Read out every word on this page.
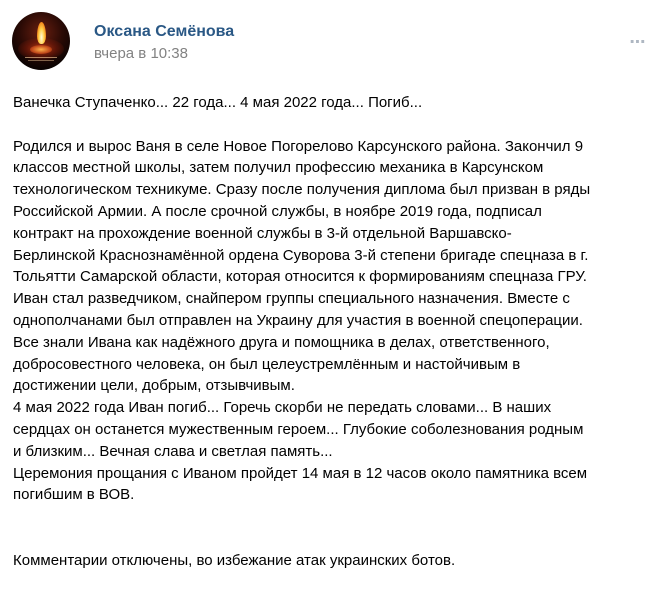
Оксана Семёнова
вчера в 10:38
⋯
Ванечка Ступаченко... 22 года... 4 мая 2022 года... Погиб...

Родился и вырос Ваня в селе Новое Погорелово Карсунского района. Закончил 9
классов местной школы, затем получил профессию механика в Карсунском
технологическом техникуме. Сразу после получения диплома был призван в ряды
Российской Армии. А после срочной службы, в ноябре 2019 года, подписал
контракт на прохождение военной службы в 3-й отдельной Варшавско-
Берлинской Краснознамённой ордена Суворова 3-й степени бригаде спецназа в г.
Тольятти Самарской области, которая относится к формированиям спецназа ГРУ.
Иван стал разведчиком, снайпером группы специального назначения. Вместе с
однополчанами был отправлен на Украину для участия в военной спецоперации.
Все знали Ивана как надёжного друга и помощника в делах, ответственного,
добросовестного человека, он был целеустремлённым и настойчивым в
достижении цели, добрым, отзывчивым.
4 мая 2022 года Иван погиб... Горечь скорби не передать словами... В наших
сердцах он останется мужественным героем... Глубокие соболезнования родным
и близким... Вечная слава и светлая память...
Церемония прощания с Иваном пройдет 14 мая в 12 часов около памятника всем
погибшим в ВОВ.

Комментарии отключены, во избежание атак украинских ботов.
